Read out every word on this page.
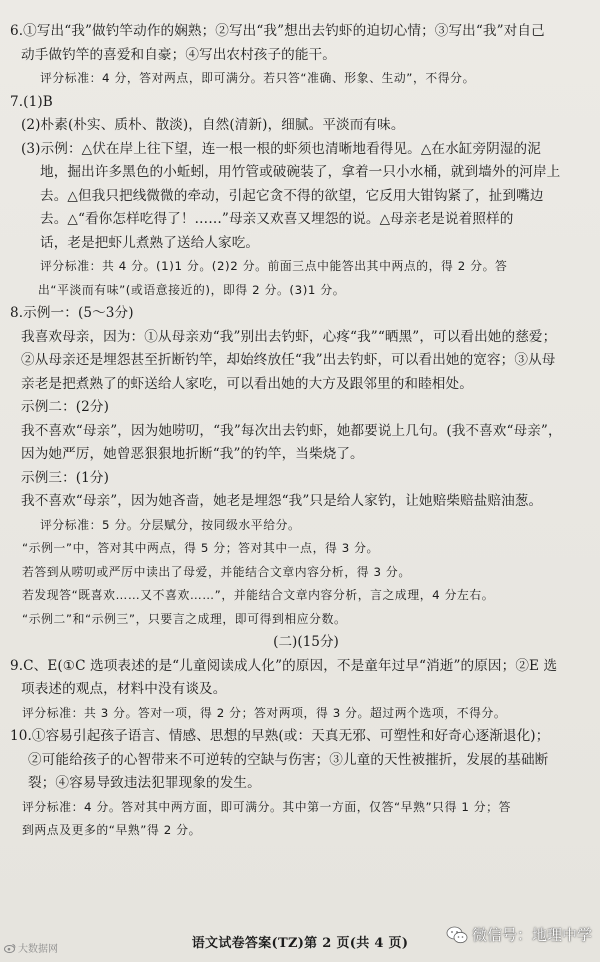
6.①写出“我”做钓竿动作的娴熟；②写出“我”想出去钓虾的迫切心情；③写出“我”对自己
动手做钓竿的喜爱和自豪；④写出农村孩子的能干。
评分标准：4 分，答对两点，即可满分。若只答“准确、形象、生动”，不得分。
7.(1)B
(2)朴素(朴实、质朴、散淡)，自然(清新)，细腻。平淡而有味。
(3)示例：△伏在岸上往下望，连一根一根的虾须也清晰地看得见。△在水缸旁阴湿的泥
地，掘出许多黑色的小蚯蚓，用竹管或破碗装了，拿着一只小水桶，就到墙外的河岸上
去。△但我只把线微微的牵动，引起它贪不得的欲望，它反用大钳钩紧了，扯到嘴边
去。△“看你怎样吃得了！……”母亲又欢喜又埋怨的说。△母亲老是说着照样的
话，老是把虾儿煮熟了送给人家吃。
评分标准：共 4 分。(1)1 分。(2)2 分。前面三点中能答出其中两点的，得 2 分。答
出“平淡而有味”(或语意接近的)，即得 2 分。(3)1 分。
8.示例一：(5～3分)
我喜欢母亲，因为：①从母亲劝“我”别出去钓虾，心疼“我”“晒黑”，可以看出她的慈爱；
②从母亲还是埋怨甚至折断钓竿，却始终放任“我”出去钓虾，可以看出她的宽容；③从母
亲老是把煮熟了的虾送给人家吃，可以看出她的大方及跟邻里的和睦相处。
示例二：(2分)
我不喜欢“母亲”，因为她唠叨，“我”每次出去钓虾，她都要说上几句。(我不喜欢“母亲”，
因为她严厉，她曾恶狠狠地折断“我”的钓竿，当柴烧了。
示例三：(1分)
我不喜欢“母亲”，因为她吝啬，她老是埋怨“我”只是给人家钓，让她赔柴赔盐赔油葱。
评分标准：5 分。分层赋分，按同级水平给分。
“示例一”中，答对其中两点，得 5 分；答对其中一点，得 3 分。
若答到从唠叨或严厉中读出了母爱，并能结合文章内容分析，得 3 分。
若发现答“既喜欢……又不喜欢……”，并能结合文章内容分析，言之成理，4 分左右。
“示例二”和“示例三”，只要言之成理，即可得到相应分数。
(二)(15分)
9.C、E(①C 选项表述的是“儿童阅读成人化”的原因，不是童年过早“消逝”的原因；②E 选
项表述的观点，材料中没有谈及。
评分标准：共 3 分。答对一项，得 2 分；答对两项，得 3 分。超过两个选项，不得分。
10.①容易引起孩子语言、情感、思想的早熟(或：天真无邪、可塑性和好奇心逐渐退化)；
②可能给孩子的心智带来不可逆转的空缺与伤害；③儿童的天性被摧折，发展的基础断
裂；④容易导致违法犯罪现象的发生。
评分标准：4 分。答对其中两方面，即可满分。其中第一方面，仅答“早熟”只得 1 分；答
到两点及更多的“早熟”得 2 分。
语文试卷答案(TZ)第 2 页(共 4 页)
大数据网
微信号：地理中学
